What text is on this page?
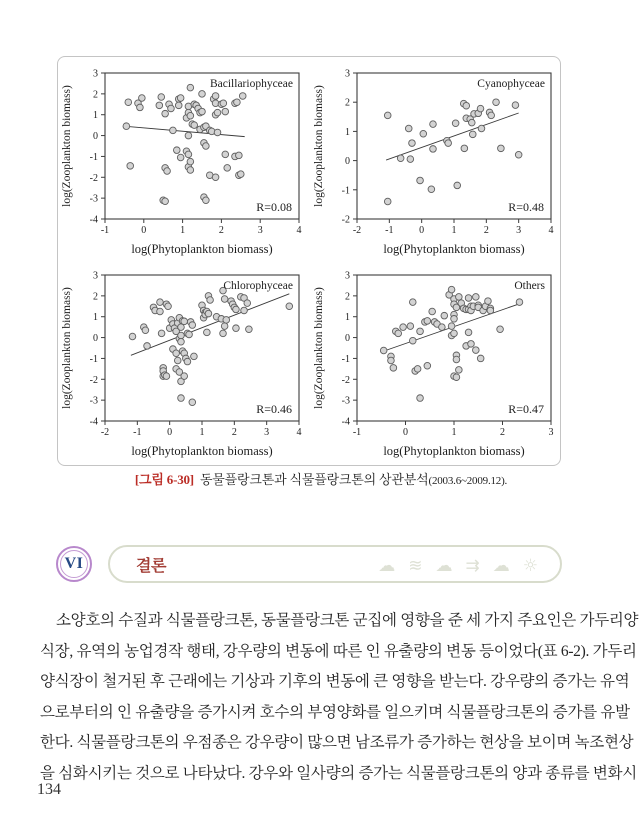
-1	0	1	2	3	4
3
2
1
0
-1
-2
-3
-4
Bacillariophyceae
R=0.08
log(Phytoplankton biomass)
log(Zooplankton biomass)
-2 -1	0	1	2	3	4
3
2
1
0
-1
-2
Cyanophyceae
R=0.48
log(Phytoplankton biomass)
log(Zooplankton biomass)
-2 -1	0	1	2	3	4
3
2
1
0
-1
-2
-3
-4
Chlorophyceae
R=0.46
log(Phytoplankton biomass)
log(Zooplankton biomass)
-1	0	1	2	3
3
2
1
0
-1
-2
-3
-4
Others
R=0.47
log(Phytoplankton biomass)
log(Zooplankton biomass)
[그림 6-30] 동물플랑크톤과 식물플랑크톤의 상관분석(2003.6~2009.12).
VI	결론	☁ ≋ ☁ ⇉ ☁ ☼
소양호의 수질과 식물플랑크톤, 동물플랑크톤 군집에 영향을 준 세 가지 주요인은 가두리양
식장, 유역의 농업경작 행태, 강우량의 변동에 따른 인 유출량의 변동 등이었다(표 6-2). 가두리
양식장이 철거된 후 근래에는 기상과 기후의 변동에 큰 영향을 받는다. 강우량의 증가는 유역
으로부터의 인 유출량을 증가시켜 호수의 부영양화를 일으키며 식물플랑크톤의 증가를 유발
한다. 식물플랑크톤의 우점종은 강우량이 많으면 남조류가 증가하는 현상을 보이며 녹조현상
을 심화시키는 것으로 나타났다. 강우와 일사량의 증가는 식물플랑크톤의 양과 종류를 변화시
134
